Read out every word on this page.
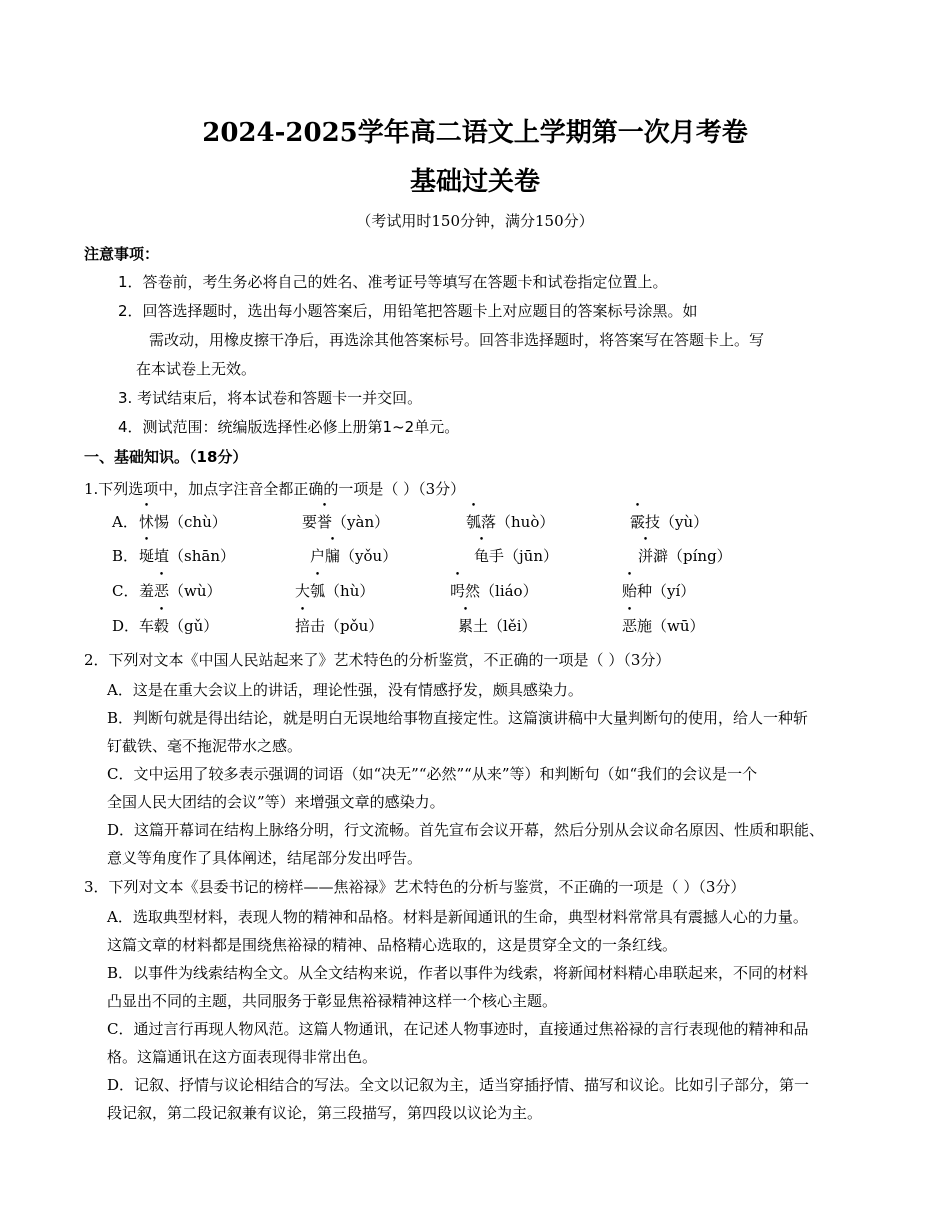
2024-2025学年高二语文上学期第一次月考卷
基础过关卷
（考试用时150分钟，满分150分）
注意事项：
1．答卷前，考生务必将自己的姓名、准考证号等填写在答题卡和试卷指定位置上。
2．回答选择题时，选出每小题答案后，用铅笔把答题卡上对应题目的答案标号涂黑。如
需改动，用橡皮擦干净后，再选涂其他答案标号。回答非选择题时，将答案写在答题卡上。写
在本试卷上无效。
3. 考试结束后，将本试卷和答题卡一并交回。
4．测试范围：统编版选择性必修上册第1~2单元。
一、基础知识。（18分）
1.下列选项中，加点字注音全都正确的一项是（ ）（3分）
A． 怵惕（chù）	要誉（yàn）	瓠落（huò）	霰技（yù）
B． 埏埴（shān）	户牖（yǒu）	龟手（jūn）	洴澼（píng）
C． 羞恶（wù）	大瓠（hù）	呺然（liáo）	贻种（yí）
D． 车毂（gǔ）	掊击（pǒu）	累土（lěi）	恶施（wū）
2．下列对文本《中国人民站起来了》艺术特色的分析鉴赏，不正确的一项是（ ）（3分）
A．这是在重大会议上的讲话，理论性强，没有情感抒发，颇具感染力。
B．判断句就是得出结论，就是明白无误地给事物直接定性。这篇演讲稿中大量判断句的使用，给人一种斩
钉截铁、毫不拖泥带水之感。
C．文中运用了较多表示强调的词语（如“决无”“必然”“从来”等）和判断句（如“我们的会议是一个
全国人民大团结的会议”等）来增强文章的感染力。
D．这篇开幕词在结构上脉络分明，行文流畅。首先宣布会议开幕，然后分别从会议命名原因、性质和职能、
意义等角度作了具体阐述，结尾部分发出呼告。
3．下列对文本《县委书记的榜样——焦裕禄》艺术特色的分析与鉴赏，不正确的一项是（ ）（3分）
A．选取典型材料，表现人物的精神和品格。材料是新闻通讯的生命，典型材料常常具有震撼人心的力量。
这篇文章的材料都是围绕焦裕禄的精神、品格精心选取的，这是贯穿全文的一条红线。
B．以事件为线索结构全文。从全文结构来说，作者以事件为线索，将新闻材料精心串联起来，不同的材料
凸显出不同的主题，共同服务于彰显焦裕禄精神这样一个核心主题。
C．通过言行再现人物风范。这篇人物通讯，在记述人物事迹时，直接通过焦裕禄的言行表现他的精神和品
格。这篇通讯在这方面表现得非常出色。
D．记叙、抒情与议论相结合的写法。全文以记叙为主，适当穿插抒情、描写和议论。比如引子部分，第一
段记叙，第二段记叙兼有议论，第三段描写，第四段以议论为主。
